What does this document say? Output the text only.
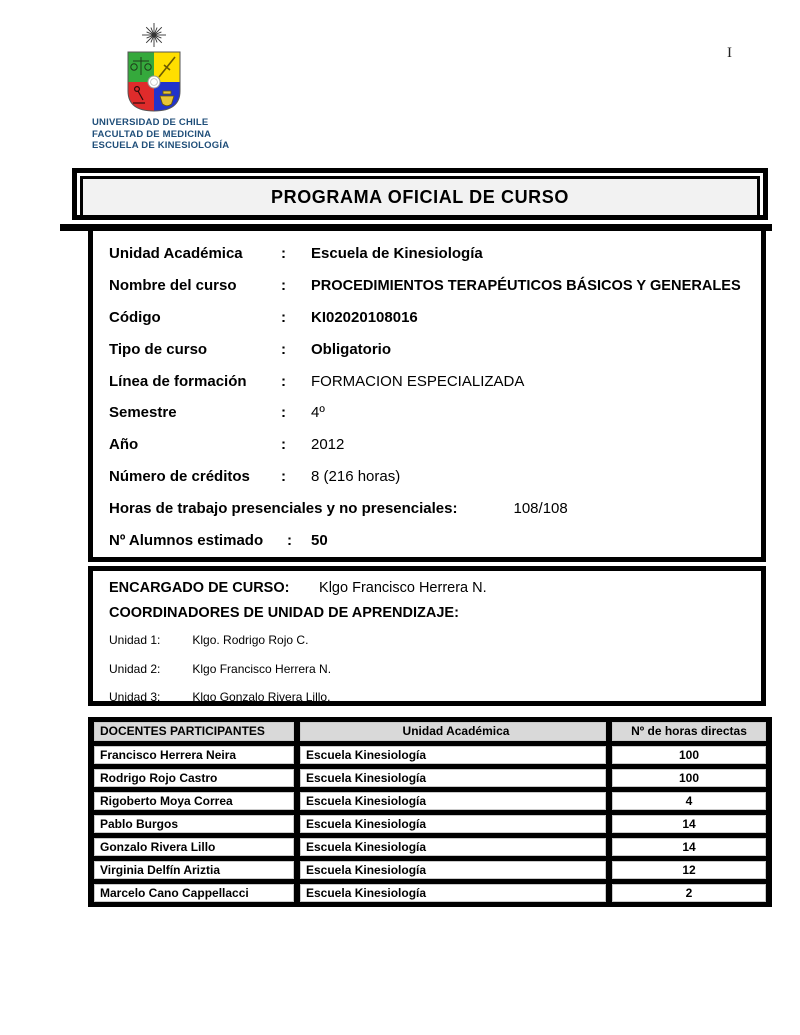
I
UNIVERSIDAD DE CHILE
FACULTAD DE MEDICINA
ESCUELA DE KINESIOLOGÍA
PROGRAMA OFICIAL DE CURSO
Unidad Académica	:	Escuela de Kinesiología
Nombre del curso	:	PROCEDIMIENTOS TERAPÉUTICOS BÁSICOS Y GENERALES
Código	:	KI02020108016
Tipo de curso	:	Obligatorio
Línea de formación	:	FORMACION ESPECIALIZADA
Semestre	:	4º
Año	:	2012
Número de créditos	:	8 (216 horas)
Horas de trabajo presenciales y no presenciales:	108/108
Nº Alumnos estimado	:	50
ENCARGADO DE CURSO: Klgo Francisco Herrera N.
COORDINADORES DE UNIDAD DE APRENDIZAJE:
Unidad 1:	Klgo. Rodrigo Rojo C.
Unidad 2:	Klgo Francisco Herrera N.
Unidad 3:	Klgo Gonzalo Rivera Lillo.
DOCENTES PARTICIPANTES	Unidad Académica	Nº de horas directas
Francisco Herrera Neira	Escuela Kinesiología	100
Rodrigo Rojo Castro	Escuela Kinesiología	100
Rigoberto Moya Correa	Escuela Kinesiología	4
Pablo Burgos	Escuela Kinesiología	14
Gonzalo Rivera Lillo	Escuela Kinesiología	14
Virginia Delfín Ariztia	Escuela Kinesiología	12
Marcelo Cano Cappellacci	Escuela Kinesiología	2
